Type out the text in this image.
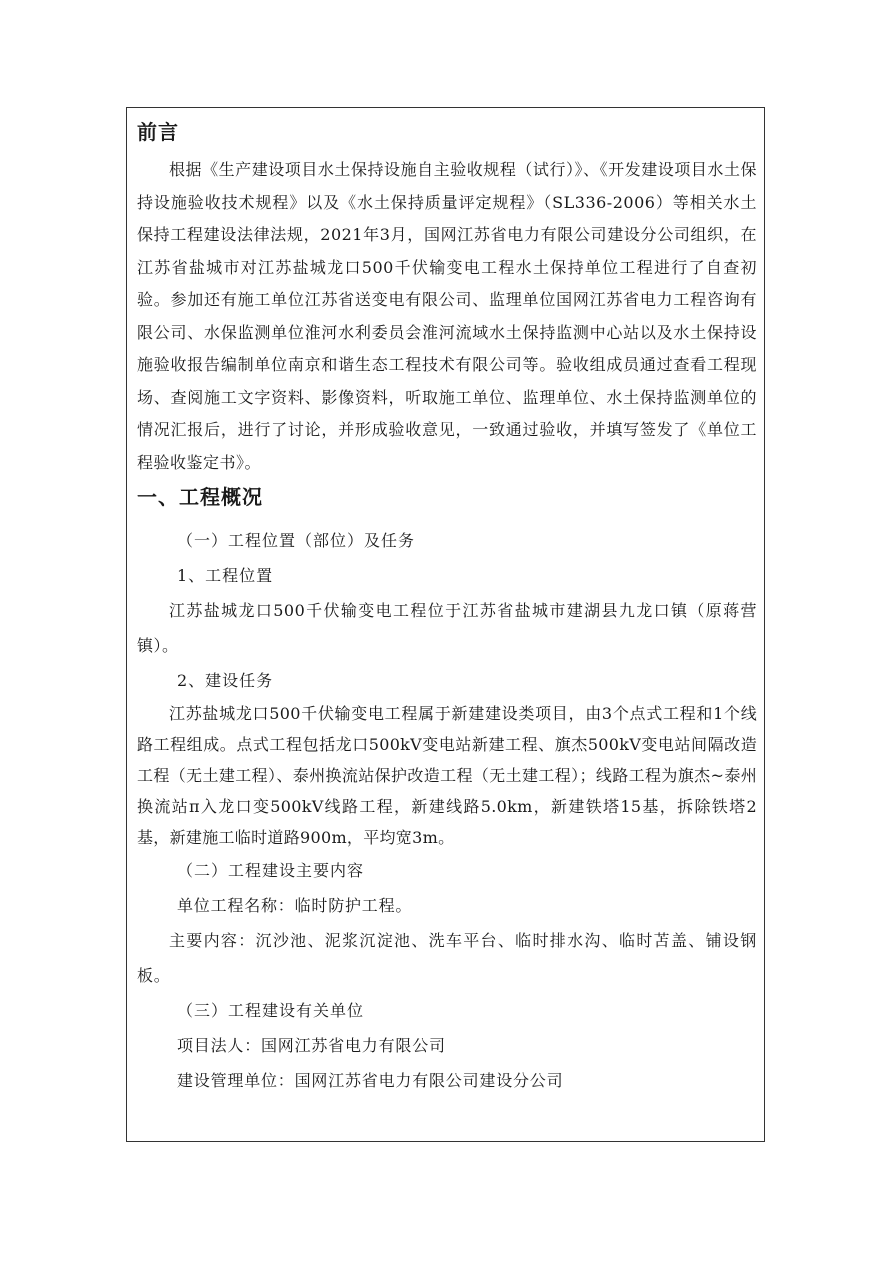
前言

根据《生产建设项目水土保持设施自主验收规程（试行）》、《开发建设项目水土保持设施验收技术规程》以及《水土保持质量评定规程》（SL336-2006）等相关水土保持工程建设法律法规，2021年3月，国网江苏省电力有限公司建设分公司组织，在江苏省盐城市对江苏盐城龙口500千伏输变电工程水土保持单位工程进行了自查初验。参加还有施工单位江苏省送变电有限公司、监理单位国网江苏省电力工程咨询有限公司、水保监测单位淮河水利委员会淮河流域水土保持监测中心站以及水土保持设施验收报告编制单位南京和谐生态工程技术有限公司等。验收组成员通过查看工程现场、查阅施工文字资料、影像资料，听取施工单位、监理单位、水土保持监测单位的情况汇报后，进行了讨论，并形成验收意见，一致通过验收，并填写签发了《单位工程验收鉴定书》。

一、工程概况

（一）工程位置（部位）及任务

1、工程位置

江苏盐城龙口500千伏输变电工程位于江苏省盐城市建湖县九龙口镇（原蒋营镇）。

2、建设任务

江苏盐城龙口500千伏输变电工程属于新建建设类项目，由3个点式工程和1个线路工程组成。点式工程包括龙口500kV变电站新建工程、旗杰500kV变电站间隔改造工程（无土建工程）、泰州换流站保护改造工程（无土建工程）；线路工程为旗杰~泰州换流站π入龙口变500kV线路工程，新建线路5.0km，新建铁塔15基，拆除铁塔2基，新建施工临时道路900m，平均宽3m。

（二）工程建设主要内容

单位工程名称：临时防护工程。

主要内容：沉沙池、泥浆沉淀池、洗车平台、临时排水沟、临时苫盖、铺设钢板。

（三）工程建设有关单位

项目法人：国网江苏省电力有限公司

建设管理单位：国网江苏省电力有限公司建设分公司
